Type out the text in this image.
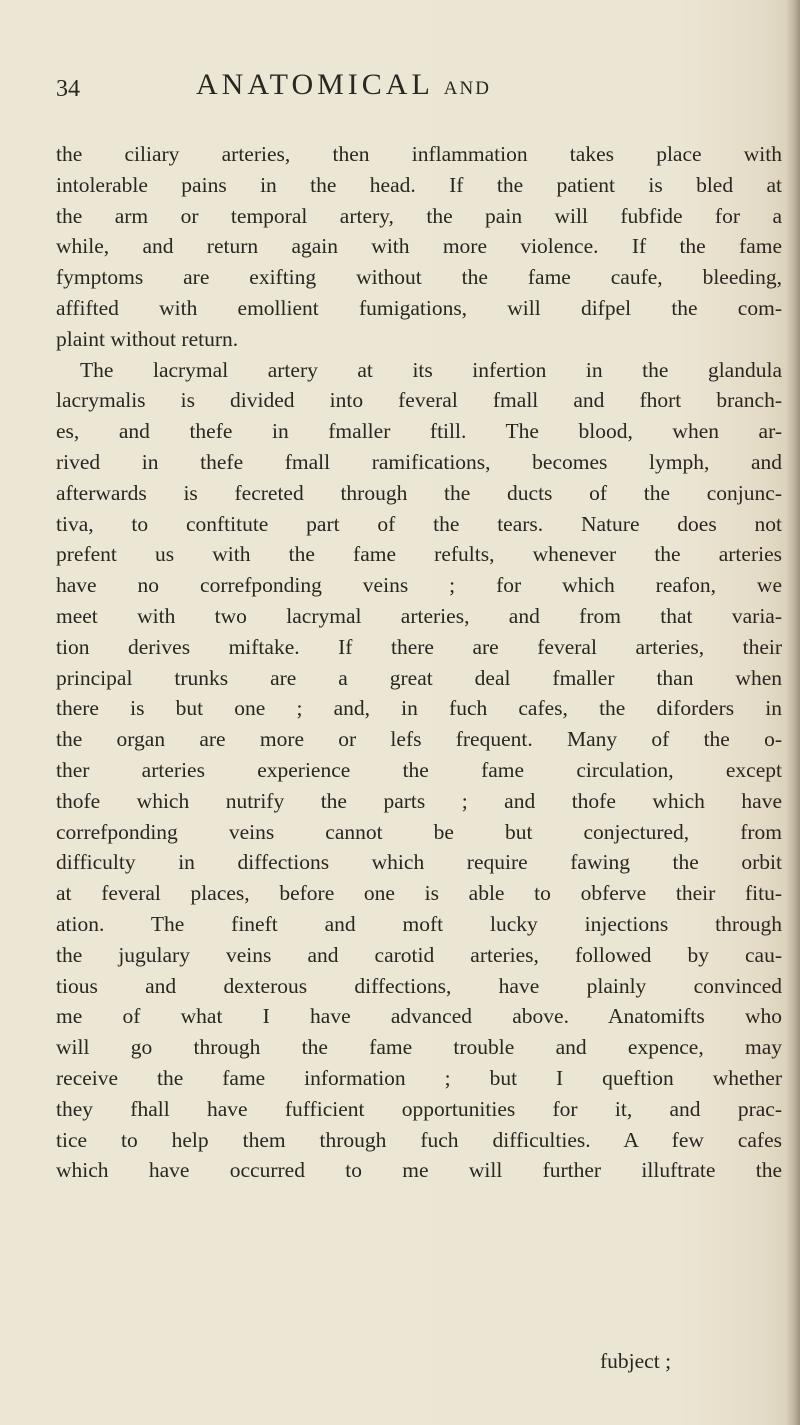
34	ANATOMICAL AND
the ciliary arteries, then inflammation takes place with
intolerable pains in the head. If the patient is bled at
the arm or temporal artery, the pain will fubfide for a
while, and return again with more violence. If the fame
fymptoms are exifting without the fame caufe, bleeding,
affifted with emollient fumigations, will difpel the com-
plaint without return.
The lacrymal artery at its infertion in the glandula
lacrymalis is divided into feveral fmall and fhort branch-
es, and thefe in fmaller ftill. The blood, when ar-
rived in thefe fmall ramifications, becomes lymph, and
afterwards is fecreted through the ducts of the conjunc-
tiva, to conftitute part of the tears. Nature does not
prefent us with the fame refults, whenever the arteries
have no correfponding veins ; for which reafon, we
meet with two lacrymal arteries, and from that varia-
tion derives miftake. If there are feveral arteries, their
principal trunks are a great deal fmaller than when
there is but one ; and, in fuch cafes, the diforders in
the organ are more or lefs frequent. Many of the o-
ther arteries experience the fame circulation, except
thofe which nutrify the parts ; and thofe which have
correfponding veins cannot be but conjectured, from
difficulty in diffections which require fawing the orbit
at feveral places, before one is able to obferve their fitu-
ation. The fineft and moft lucky injections through
the jugulary veins and carotid arteries, followed by cau-
tious and dexterous diffections, have plainly convinced
me of what I have advanced above. Anatomifts who
will go through the fame trouble and expence, may
receive the fame information ; but I queftion whether
they fhall have fufficient opportunities for it, and prac-
tice to help them through fuch difficulties. A few cafes
which have occurred to me will further illuftrate the
fubject ;
